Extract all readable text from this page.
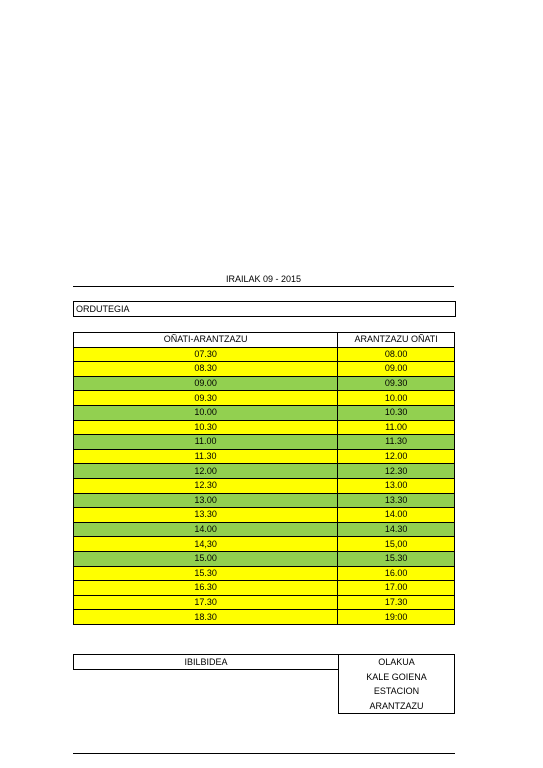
IRAILAK 09 - 2015
ORDUTEGIA
OÑATI-ARANTZAZU	ARANTZAZU OÑATI
07.30	08.00
08.30	09.00
09.00	09.30
09.30	10.00
10.00	10.30
10.30	11.00
11.00	11.30
11.30	12.00
12.00	12.30
12.30	13.00
13.00	13.30
13.30	14.00
14.00	14.30
14,30	15,00
15.00	15.30
15.30	16.00
16.30	17.00
17.30	17.30
18.30	19:00
IBILBIDEA	OLAKUA
KALE GOIENA
ESTACION
ARANTZAZU
